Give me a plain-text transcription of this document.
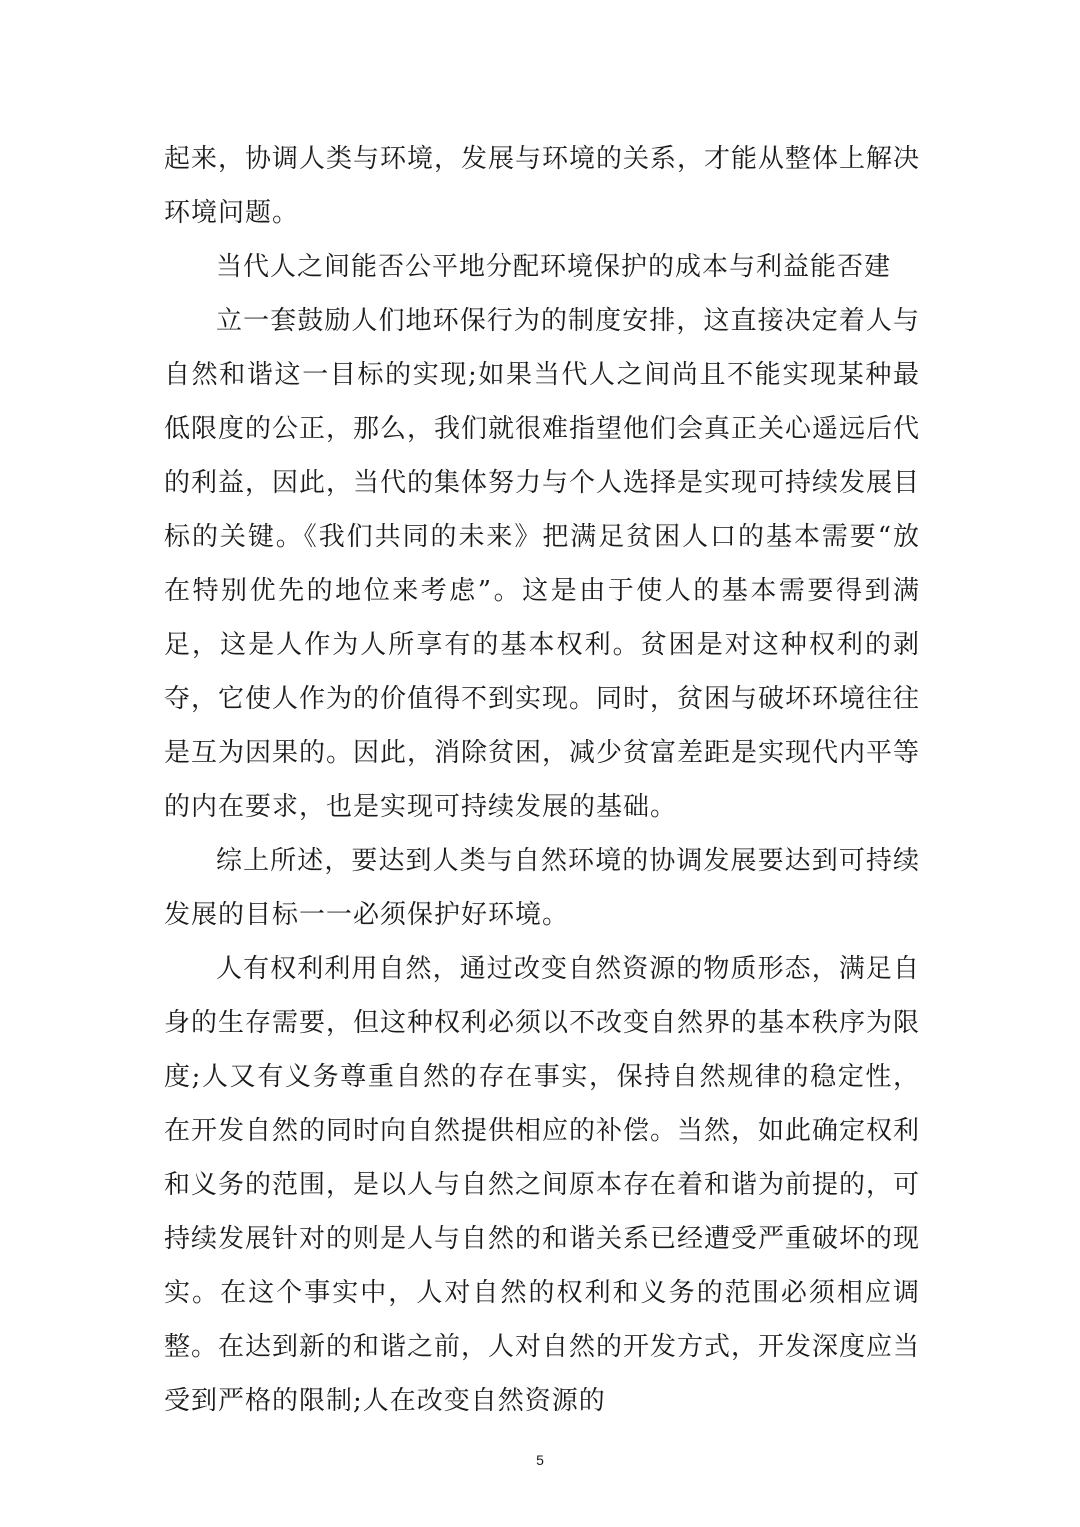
起来，协调人类与环境，发展与环境的关系，才能从整体上解决环境问题。

当代人之间能否公平地分配环境保护的成本与利益能否建

立一套鼓励人们地环保行为的制度安排，这直接决定着人与自然和谐这一目标的实现;如果当代人之间尚且不能实现某种最低限度的公正，那么，我们就很难指望他们会真正关心遥远后代的利益，因此，当代的集体努力与个人选择是实现可持续发展目标的关键。《我们共同的未来》把满足贫困人口的基本需要“放在特别优先的地位来考虑”。这是由于使人的基本需要得到满足，这是人作为人所享有的基本权利。贫困是对这种权利的剥夺，它使人作为的价值得不到实现。同时，贫困与破坏环境往往是互为因果的。因此，消除贫困，减少贫富差距是实现代内平等的内在要求，也是实现可持续发展的基础。

综上所述，要达到人类与自然环境的协调发展要达到可持续发展的目标一一必须保护好环境。

人有权利利用自然，通过改变自然资源的物质形态，满足自身的生存需要，但这种权利必须以不改变自然界的基本秩序为限度;人又有义务尊重自然的存在事实，保持自然规律的稳定性，在开发自然的同时向自然提供相应的补偿。当然，如此确定权利和义务的范围，是以人与自然之间原本存在着和谐为前提的，可持续发展针对的则是人与自然的和谐关系已经遭受严重破坏的现实。在这个事实中，人对自然的权利和义务的范围必须相应调整。在达到新的和谐之前，人对自然的开发方式，开发深度应当受到严格的限制;人在改变自然资源的

5
